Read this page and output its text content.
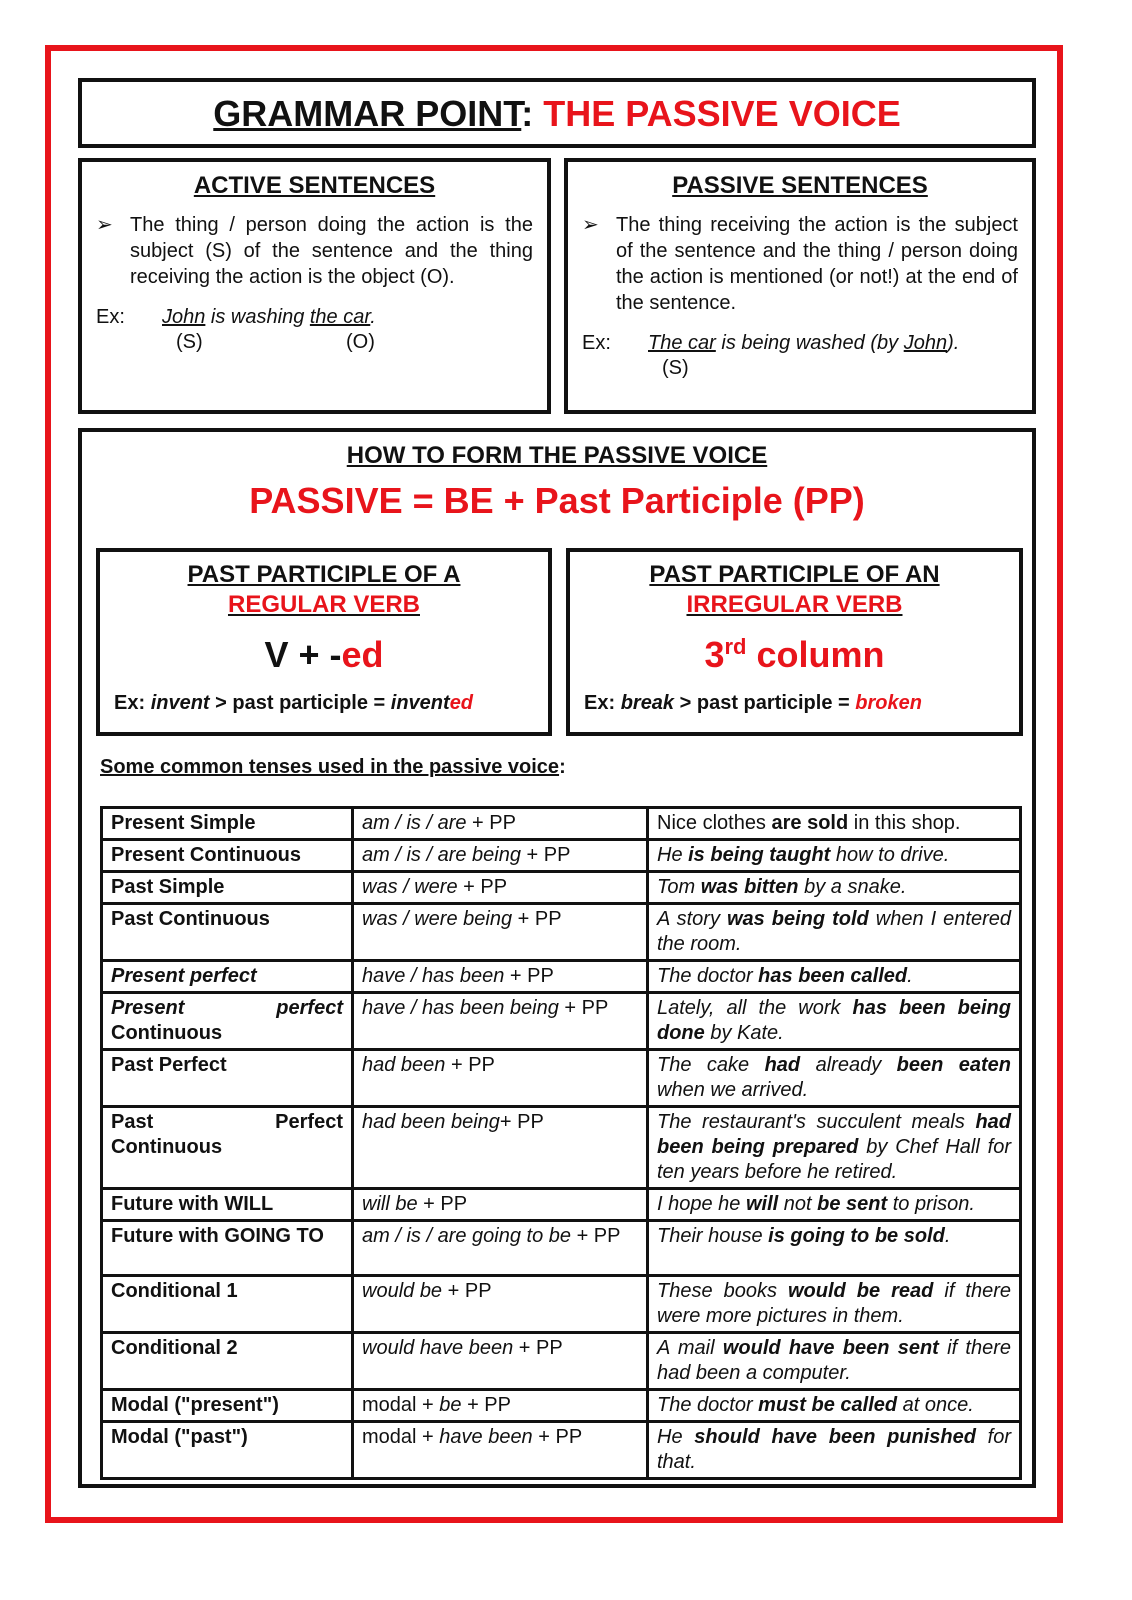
GRAMMAR POINT: THE PASSIVE VOICE
ACTIVE SENTENCES
➢ The thing / person doing the action is the subject (S) of the sentence and the thing receiving the action is the object (O).
Ex:	John is washing the car.
(S)	(O)
PASSIVE SENTENCES
➢ The thing receiving the action is the subject of the sentence and the thing / person doing the action is mentioned (or not!) at the end of the sentence.
Ex:	The car is being washed (by John).
(S)
HOW TO FORM THE PASSIVE VOICE
PASSIVE = BE + Past Participle (PP)
PAST PARTICIPLE OF A
REGULAR VERB
V + -ed
Ex: invent > past participle = invented
PAST PARTICIPLE OF AN
IRREGULAR VERB
3rd column
Ex: break > past participle = broken
Some common tenses used in the passive voice:
Present Simple	am / is / are + PP	Nice clothes are sold in this shop.
Present Continuous	am / is / are being + PP	He is being taught how to drive.
Past Simple	was / were + PP	Tom was bitten by a snake.
Past Continuous	was / were being + PP	A story was being told when I entered the room.
Present perfect	have / has been + PP	The doctor has been called.
Present perfect Continuous	have / has been being + PP	Lately, all the work has been being done by Kate.
Past Perfect	had been + PP	The cake had already been eaten when we arrived.
Past Perfect Continuous	had been being+ PP	The restaurant's succulent meals had been being prepared by Chef Hall for ten years before he retired.
Future with WILL	will be + PP	I hope he will not be sent to prison.
Future with GOING TO	am / is / are going to be + PP	Their house is going to be sold.
Conditional 1	would be + PP	These books would be read if there were more pictures in them.
Conditional 2	would have been + PP	A mail would have been sent if there had been a computer.
Modal ("present")	modal + be + PP	The doctor must be called at once.
Modal ("past")	modal + have been + PP	He should have been punished for that.
